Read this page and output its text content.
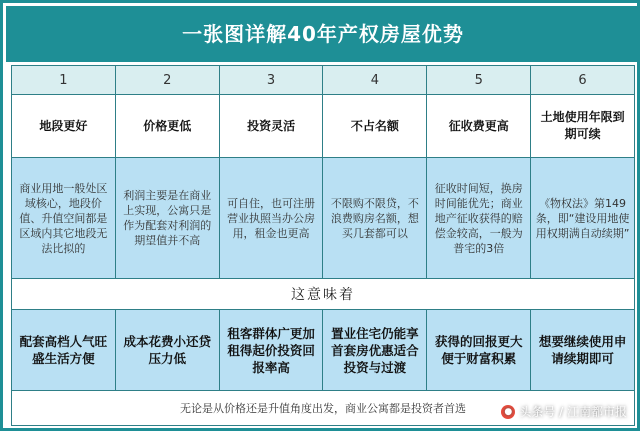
一张图详解40年产权房屋优势
1	2	3	4	5	6
地段更好	价格更低	投资灵活	不占名额	征收费更高	土地使用年限到期可续
商业用地一般处区域核心，地段价值、升值空间都是区域内其它地段无法比拟的	利润主要是在商业上实现，公寓只是作为配套对利润的期望值并不高	可自住，也可注册营业执照当办公房用，租金也更高	不限购不限贷，不浪费购房名额，想买几套都可以	征收时间短，换房时间能优先；商业地产征收获得的赔偿金较高，一般为普宅的3倍	《物权法》第149条，即“建设用地使用权期满自动续期”
这意味着					
配套高档人气旺盛生活方便	成本花费小还贷压力低	租客群体广更加租得起价投资回报率高	置业住宅仍能享首套房优惠适合投资与过渡	获得的回报更大便于财富积累	想要继续使用申请续期即可
无论是从价格还是升值角度出发，商业公寓都是投资者首选						● 头条号 / 江南都市报
